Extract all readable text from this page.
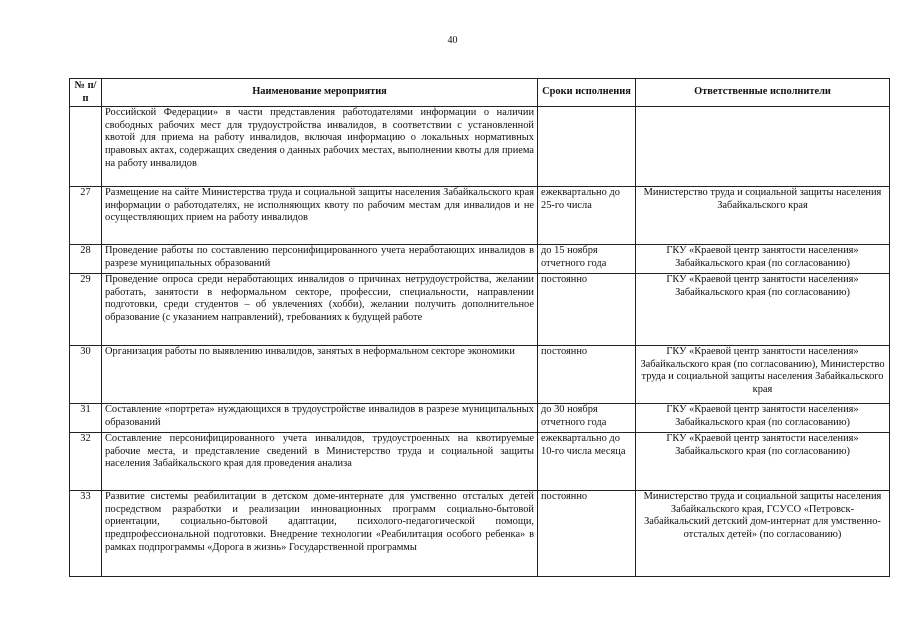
40
№ п/п	Наименование мероприятия	Сроки исполнения	Ответственные исполнители
	Российской Федерации» в части представления работодателями информации о наличии свободных рабочих мест для трудоустройства инвалидов, в соответствии с установленной квотой для приема на работу инвалидов, включая информацию о локальных нормативных правовых актах, содержащих сведения о данных рабочих местах, выполнении квоты для приема на работу инвалидов		
27	Размещение на сайте Министерства труда и социальной защиты населения Забайкальского края информации о работодателях, не исполняющих квоту по рабочим местам для инвалидов и не осуществляющих прием на работу инвалидов	ежеквартально до 25-го числа	Министерство труда и социальной защиты населения Забайкальского края
28	Проведение работы по составлению персонифицированного учета неработающих инвалидов в разрезе муниципальных образований	до 15 ноября отчетного года	ГКУ «Краевой центр занятости населения» Забайкальского края (по согласованию)
29	Проведение опроса среди неработающих инвалидов о причинах нетрудоустройства, желании работать, занятости в неформальном секторе, профессии, специальности, направлении подготовки, среди студентов – об увлечениях (хобби), желании получить дополнительное образование (с указанием направлений), требованиях к будущей работе	постоянно	ГКУ «Краевой центр занятости населения» Забайкальского края (по согласованию)
30	Организация работы по выявлению инвалидов, занятых в неформальном секторе экономики	постоянно	ГКУ «Краевой центр занятости населения» Забайкальского края (по согласованию), Министерство труда и социальной защиты населения Забайкальского края
31	Составление «портрета» нуждающихся в трудоустройстве инвалидов в разрезе муниципальных образований	до 30 ноября отчетного года	ГКУ «Краевой центр занятости населения» Забайкальского края (по согласованию)
32	Составление персонифицированного учета инвалидов, трудоустроенных на квотируемые рабочие места, и представление сведений в Министерство труда и социальной защиты населения Забайкальского края для проведения анализа	ежеквартально до 10-го числа месяца	ГКУ «Краевой центр занятости населения» Забайкальского края (по согласованию)
33	Развитие системы реабилитации в детском доме-интернате для умственно отсталых детей посредством разработки и реализации инновационных программ социально-бытовой ориентации, социально-бытовой адаптации, психолого-педагогической помощи, предпрофессиональной подготовки. Внедрение технологии «Реабилитация особого ребенка» в рамках подпрограммы «Дорога в жизнь» Государственной программы	постоянно	Министерство труда и социальной защиты населения Забайкальского края, ГСУСО «Петровск-Забайкальский детский дом-интернат для умственно-отсталых детей» (по согласованию)
